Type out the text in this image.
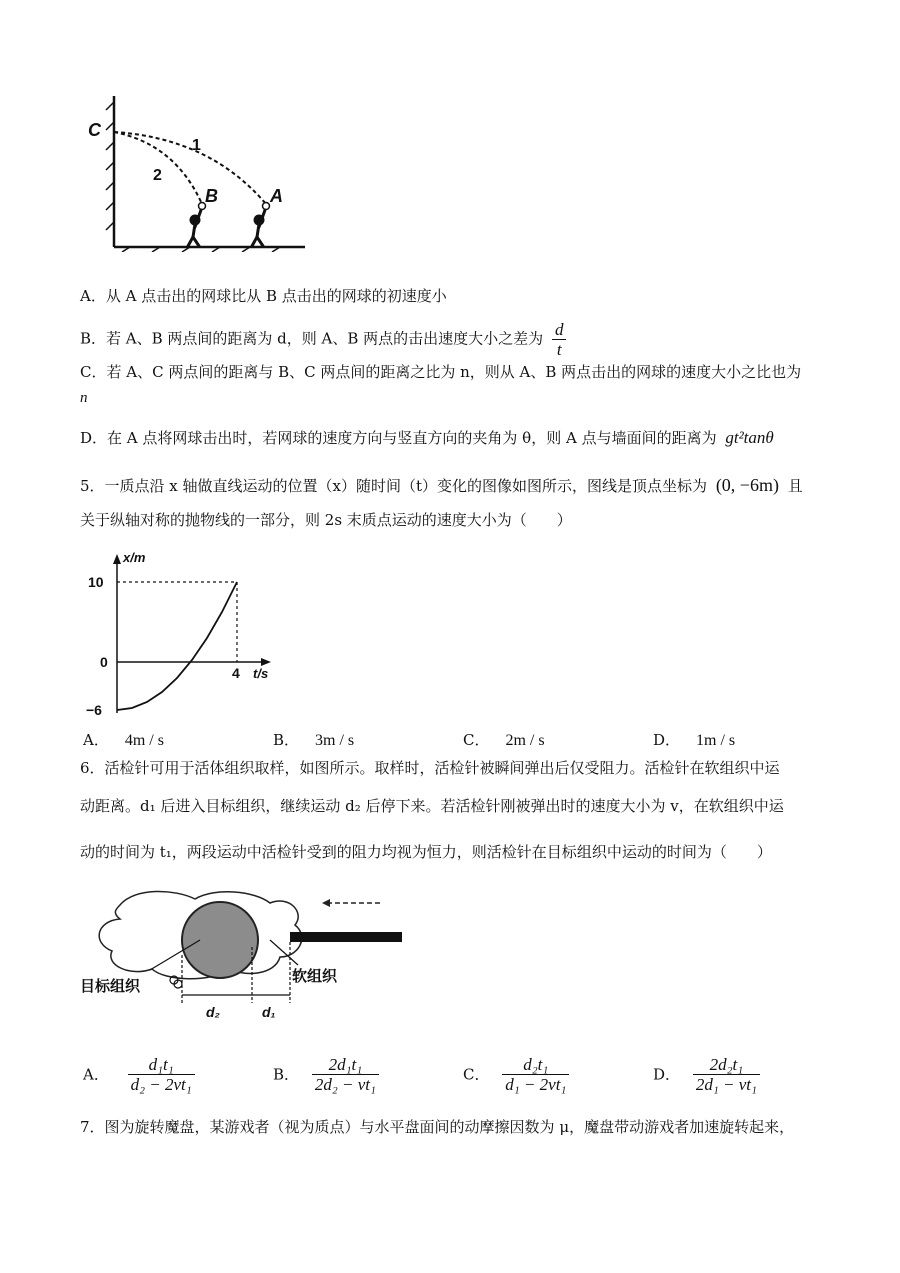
C
1
2
B	A
A．从 A 点击出的网球比从 B 点击出的网球的初速度小
B．若 A、B 两点间的距离为 d，则 A、B 两点的击出速度大小之差为 $\frac{d}{t}$
C．若 A、C 两点间的距离与 B、C 两点间的距离之比为 n，则从 A、B 两点击出的网球的速度大小之比也为
n
D．在 A 点将网球击出时，若网球的速度方向与竖直方向的夹角为 θ，则 A 点与墙面间的距离为 gt²tanθ
5．一质点沿 x 轴做直线运动的位置（x）随时间（t）变化的图像如图所示，图线是顶点坐标为 (0, −6m) 且
关于纵轴对称的抛物线的一部分，则 2s 末质点运动的速度大小为（　　）
x/m
t/s
10
0
−6
4
A． 4m / s	B． 3m / s	C． 2m / s	D． 1m / s
6．活检针可用于活体组织取样，如图所示。取样时，活检针被瞬间弹出后仅受阻力。活检针在软组织中运
动距离。d₁ 后进入目标组织，继续运动 d₂ 后停下来。若活检针刚被弹出时的速度大小为 v，在软组织中运
动的时间为 t₁，两段运动中活检针受到的阻力均视为恒力，则活检针在目标组织中运动的时间为（　　）
目标组织
软组织
d₂	d₁
A． $\frac{\text{d₁t₁}}{\text{d₂ − 2vt₁}}$	B． $\frac{\text{2d₁t₁}}{\text{2d₂ − vt₁}}$	C． $\frac{\text{d₂t₁}}{\text{d₁ − 2vt₁}}$	D． $\frac{\text{2d₂t₁}}{\text{2d₁ − vt₁}}$
7．图为旋转魔盘，某游戏者（视为质点）与水平盘面间的动摩擦因数为 μ，魔盘带动游戏者加速旋转起来，
